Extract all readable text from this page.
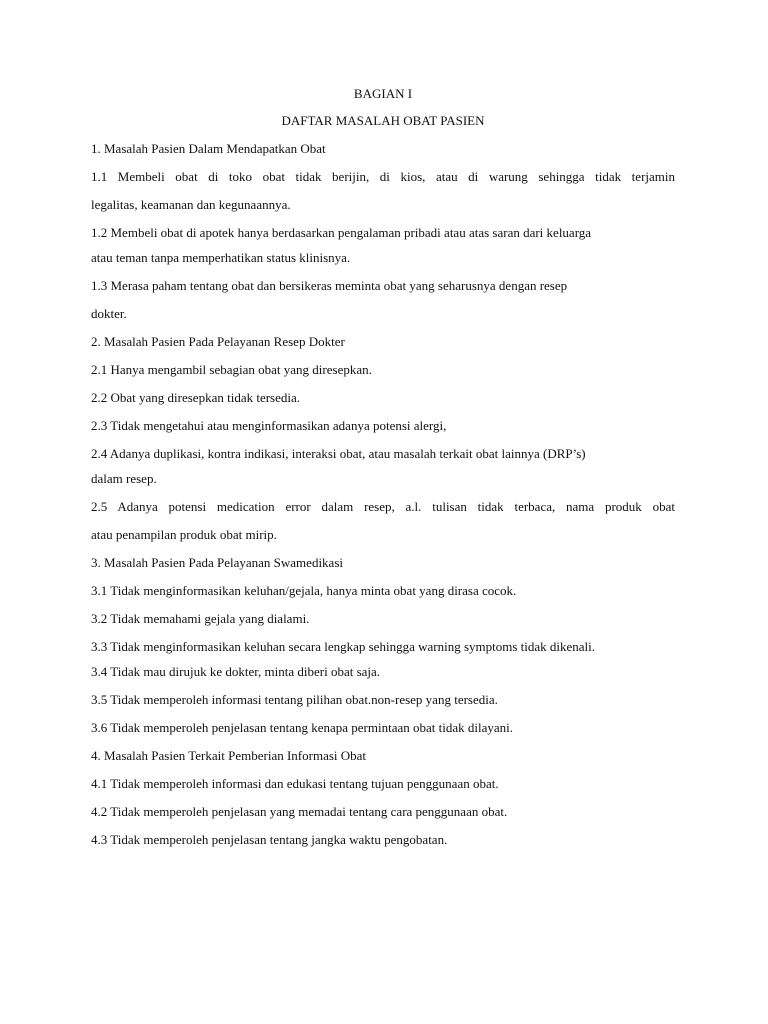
BAGIAN I

DAFTAR MASALAH OBAT PASIEN

1. Masalah Pasien Dalam Mendapatkan Obat

1.1 Membeli obat di toko obat tidak berijin, di kios, atau di warung sehingga tidak terjamin

legalitas, keamanan dan kegunaannya.

1.2 Membeli obat di apotek hanya berdasarkan pengalaman pribadi atau atas saran dari keluarga

atau teman tanpa memperhatikan status klinisnya.

1.3 Merasa paham tentang obat dan bersikeras meminta obat yang seharusnya dengan resep

dokter.

2. Masalah Pasien Pada Pelayanan Resep Dokter

2.1 Hanya mengambil sebagian obat yang diresepkan.

2.2 Obat yang diresepkan tidak tersedia.

2.3 Tidak mengetahui atau menginformasikan adanya potensi alergi,

2.4 Adanya duplikasi, kontra indikasi, interaksi obat, atau masalah terkait obat lainnya (DRP’s)

dalam resep.

2.5 Adanya potensi medication error dalam resep, a.l. tulisan tidak terbaca, nama produk obat

atau penampilan produk obat mirip.

3. Masalah Pasien Pada Pelayanan Swamedikasi

3.1 Tidak menginformasikan keluhan/gejala, hanya minta obat yang dirasa cocok.

3.2 Tidak memahami gejala yang dialami.

3.3 Tidak menginformasikan keluhan secara lengkap sehingga warning symptoms tidak dikenali.

3.4 Tidak mau dirujuk ke dokter, minta diberi obat saja.

3.5 Tidak memperoleh informasi tentang pilihan obat.non-resep yang tersedia.

3.6 Tidak memperoleh penjelasan tentang kenapa permintaan obat tidak dilayani.

4. Masalah Pasien Terkait Pemberian Informasi Obat

4.1 Tidak memperoleh informasi dan edukasi tentang tujuan penggunaan obat.

4.2 Tidak memperoleh penjelasan yang memadai tentang cara penggunaan obat.

4.3 Tidak memperoleh penjelasan tentang jangka waktu pengobatan.
